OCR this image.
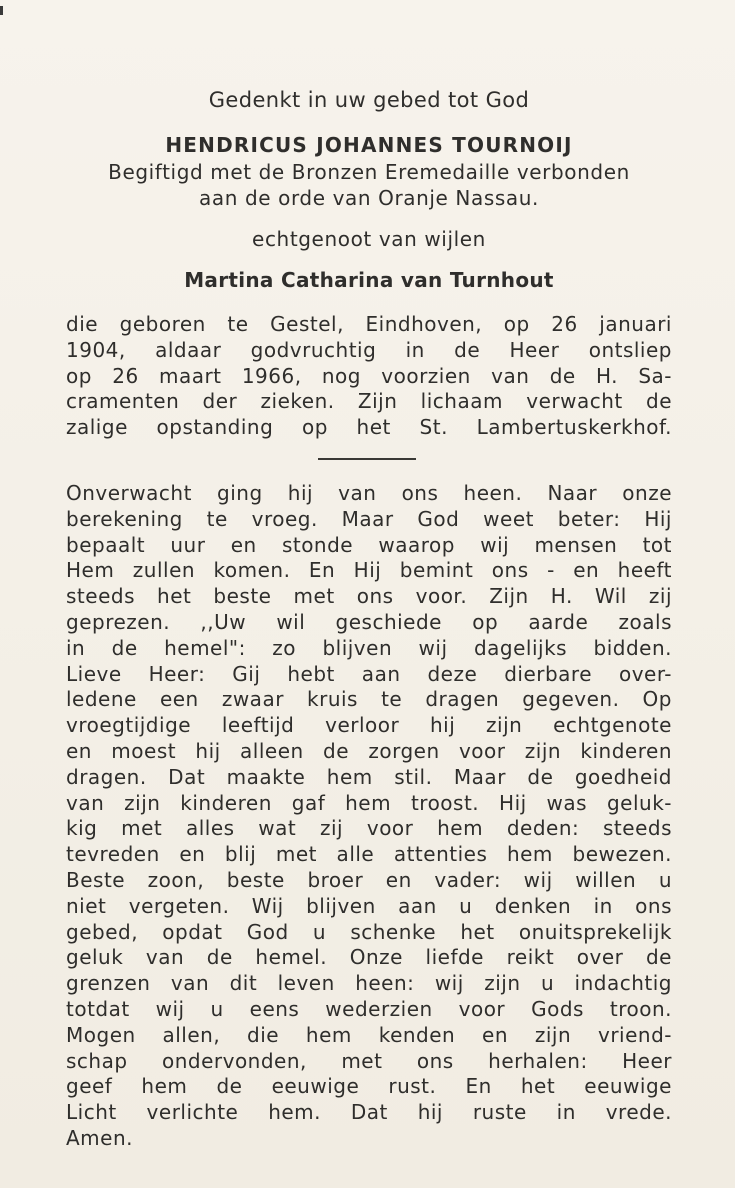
Gedenkt in uw gebed tot God
HENDRICUS JOHANNES TOURNOIJ
Begiftigd met de Bronzen Eremedaille verbonden
aan de orde van Oranje Nassau.
echtgenoot van wijlen
Martina Catharina van Turnhout
die geboren te Gestel, Eindhoven, op 26 januari
1904, aldaar godvruchtig in de Heer ontsliep
op 26 maart 1966, nog voorzien van de H. Sa-
cramenten der zieken. Zijn lichaam verwacht de
zalige opstanding op het St. Lambertuskerkhof.
Onverwacht ging hij van ons heen. Naar onze
berekening te vroeg. Maar God weet beter: Hij
bepaalt uur en stonde waarop wij mensen tot
Hem zullen komen. En Hij bemint ons - en heeft
steeds het beste met ons voor. Zijn H. Wil zij
geprezen. ,,Uw wil geschiede op aarde zoals
in de hemel": zo blijven wij dagelijks bidden.
Lieve Heer: Gij hebt aan deze dierbare over-
ledene een zwaar kruis te dragen gegeven. Op
vroegtijdige leeftijd verloor hij zijn echtgenote
en moest hij alleen de zorgen voor zijn kinderen
dragen. Dat maakte hem stil. Maar de goedheid
van zijn kinderen gaf hem troost. Hij was geluk-
kig met alles wat zij voor hem deden: steeds
tevreden en blij met alle attenties hem bewezen.
Beste zoon, beste broer en vader: wij willen u
niet vergeten. Wij blijven aan u denken in ons
gebed, opdat God u schenke het onuitsprekelijk
geluk van de hemel. Onze liefde reikt over de
grenzen van dit leven heen: wij zijn u indachtig
totdat wij u eens wederzien voor Gods troon.
Mogen allen, die hem kenden en zijn vriend-
schap ondervonden, met ons herhalen: Heer
geef hem de eeuwige rust. En het eeuwige
Licht verlichte hem. Dat hij ruste in vrede.
Amen.
